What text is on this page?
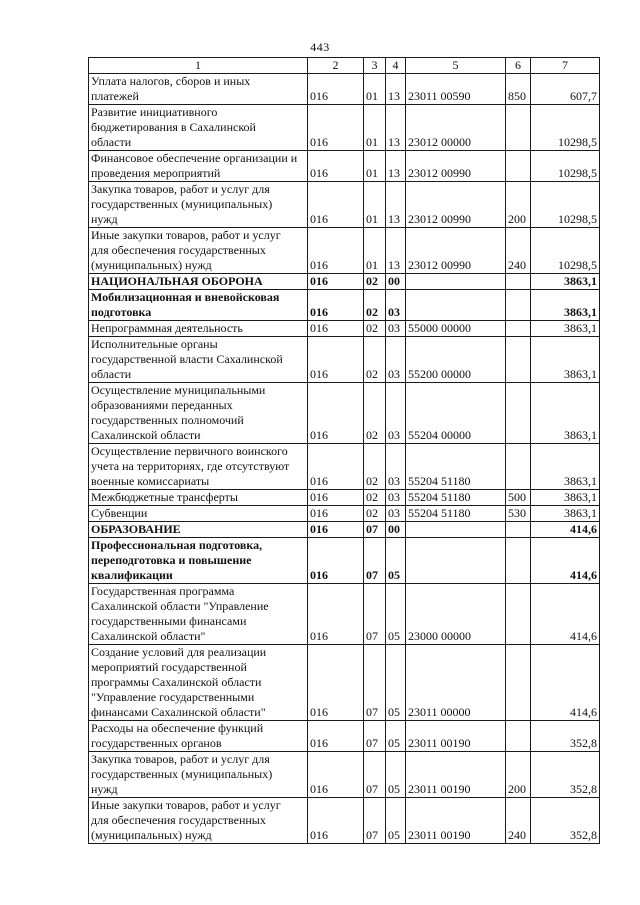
443
1	2	3	4	5	6	7

Уплата налогов, сборов и иных
платежей	016	01	13	23011 00590	850	607,7

Развитие инициативного
бюджетирования в Сахалинской
области	016	01	13	23012 00000		10298,5

Финансовое обеспечение организации и
проведения мероприятий	016	01	13	23012 00990		10298,5

Закупка товаров, работ и услуг для
государственных (муниципальных)
нужд	016	01	13	23012 00990	200	10298,5

Иные закупки товаров, работ и услуг
для обеспечения государственных
(муниципальных) нужд	016	01	13	23012 00990	240	10298,5

НАЦИОНАЛЬНАЯ ОБОРОНА	016	02	00			3863,1

Мобилизационная и вневойсковая
подготовка	016	02	03			3863,1

Непрограммная деятельность	016	02	03	55000 00000		3863,1

Исполнительные органы
государственной власти Сахалинской
области	016	02	03	55200 00000		3863,1

Осуществление муниципальными
образованиями переданных
государственных полномочий
Сахалинской области	016	02	03	55204 00000		3863,1

Осуществление первичного воинского
учета на территориях, где отсутствуют
военные комиссариаты	016	02	03	55204 51180		3863,1

Межбюджетные трансферты	016	02	03	55204 51180	500	3863,1

Субвенции	016	02	03	55204 51180	530	3863,1

ОБРАЗОВАНИЕ	016	07	00			414,6

Профессиональная подготовка,
переподготовка и повышение
квалификации	016	07	05			414,6

Государственная программа
Сахалинской области "Управление
государственными финансами
Сахалинской области"	016	07	05	23000 00000		414,6

Создание условий для реализации
мероприятий государственной
программы Сахалинской области
"Управление государственными
финансами Сахалинской области"	016	07	05	23011 00000		414,6

Расходы на обеспечение функций
государственных органов	016	07	05	23011 00190		352,8

Закупка товаров, работ и услуг для
государственных (муниципальных)
нужд	016	07	05	23011 00190	200	352,8

Иные закупки товаров, работ и услуг
для обеспечения государственных
(муниципальных) нужд	016	07	05	23011 00190	240	352,8
